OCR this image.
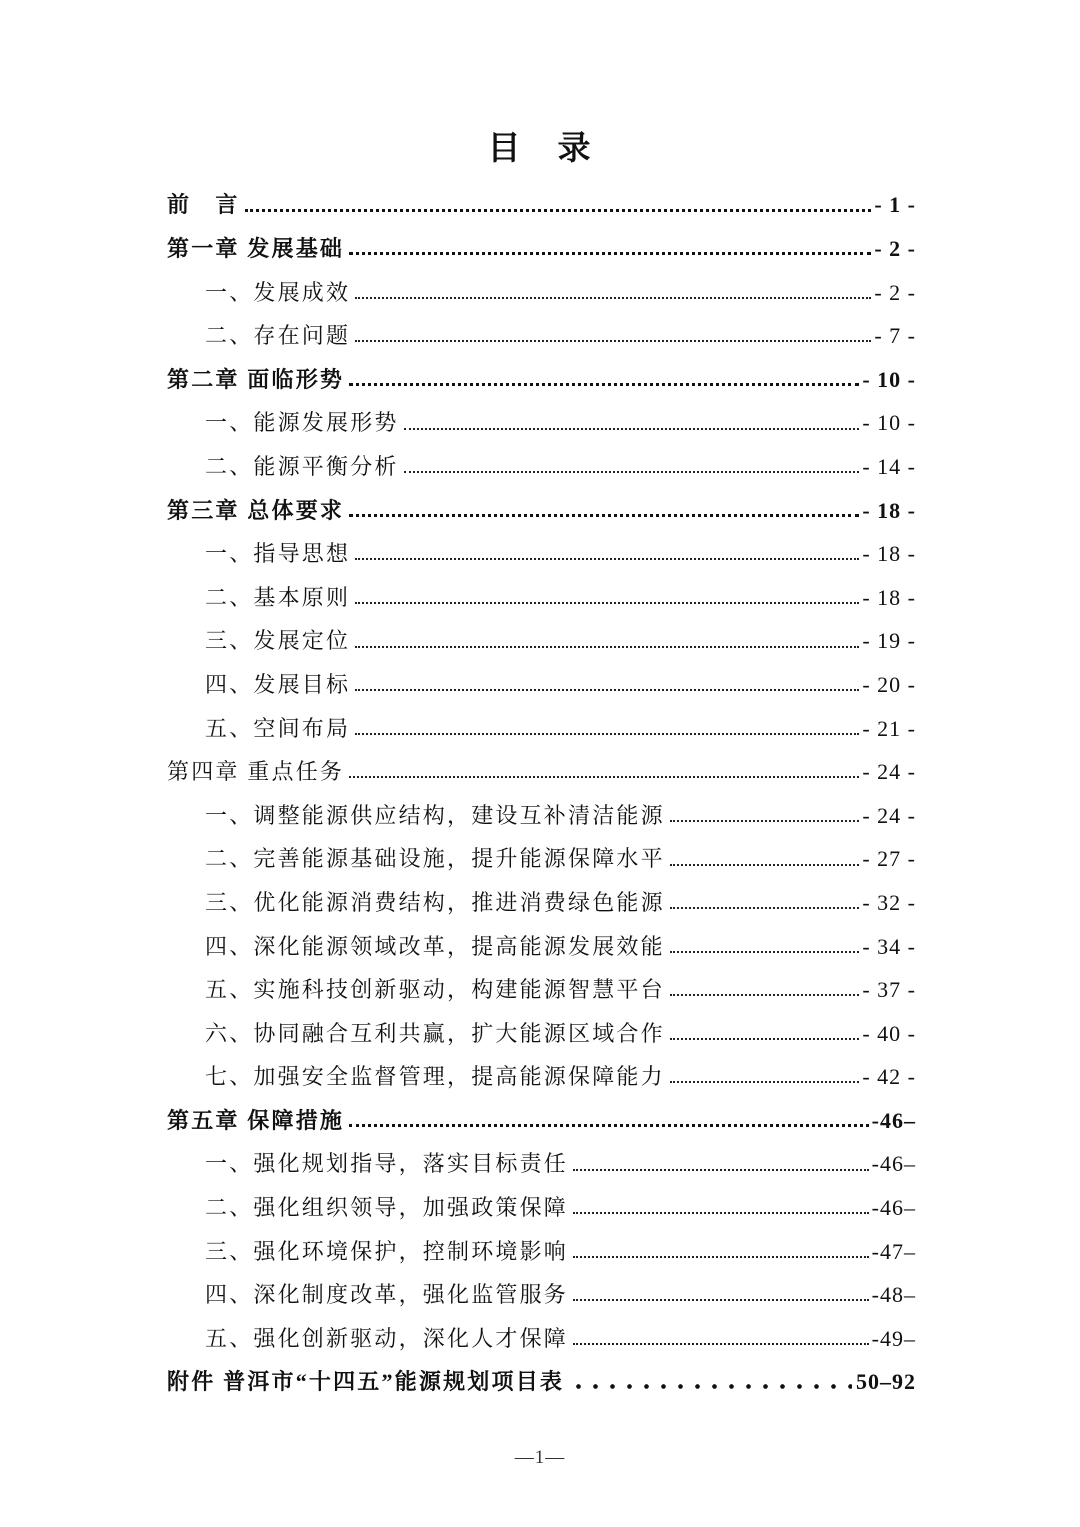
目　录
前　言	- 1 -
第一章 发展基础	- 2 -
一、发展成效	- 2 -
二、存在问题	- 7 -
第二章 面临形势	- 10 -
一、能源发展形势	- 10 -
二、能源平衡分析	- 14 -
第三章 总体要求	- 18 -
一、指导思想	- 18 -
二、基本原则	- 18 -
三、发展定位	- 19 -
四、发展目标	- 20 -
五、空间布局	- 21 -
第四章 重点任务	- 24 -
一、调整能源供应结构，建设互补清洁能源	- 24 -
二、完善能源基础设施，提升能源保障水平	- 27 -
三、优化能源消费结构，推进消费绿色能源	- 32 -
四、深化能源领域改革，提高能源发展效能	- 34 -
五、实施科技创新驱动，构建能源智慧平台	- 37 -
六、协同融合互利共赢，扩大能源区域合作	- 40 -
七、加强安全监督管理，提高能源保障能力	- 42 -
第五章 保障措施	-46–
一、强化规划指导，落实目标责任	-46–
二、强化组织领导，加强政策保障	-46–
三、强化环境保护，控制环境影响	-47–
四、深化制度改革，强化监管服务	-48–
五、强化创新驱动，深化人才保障	-49–
附件 普洱市“十四五”能源规划项目表	50–92
—1—
